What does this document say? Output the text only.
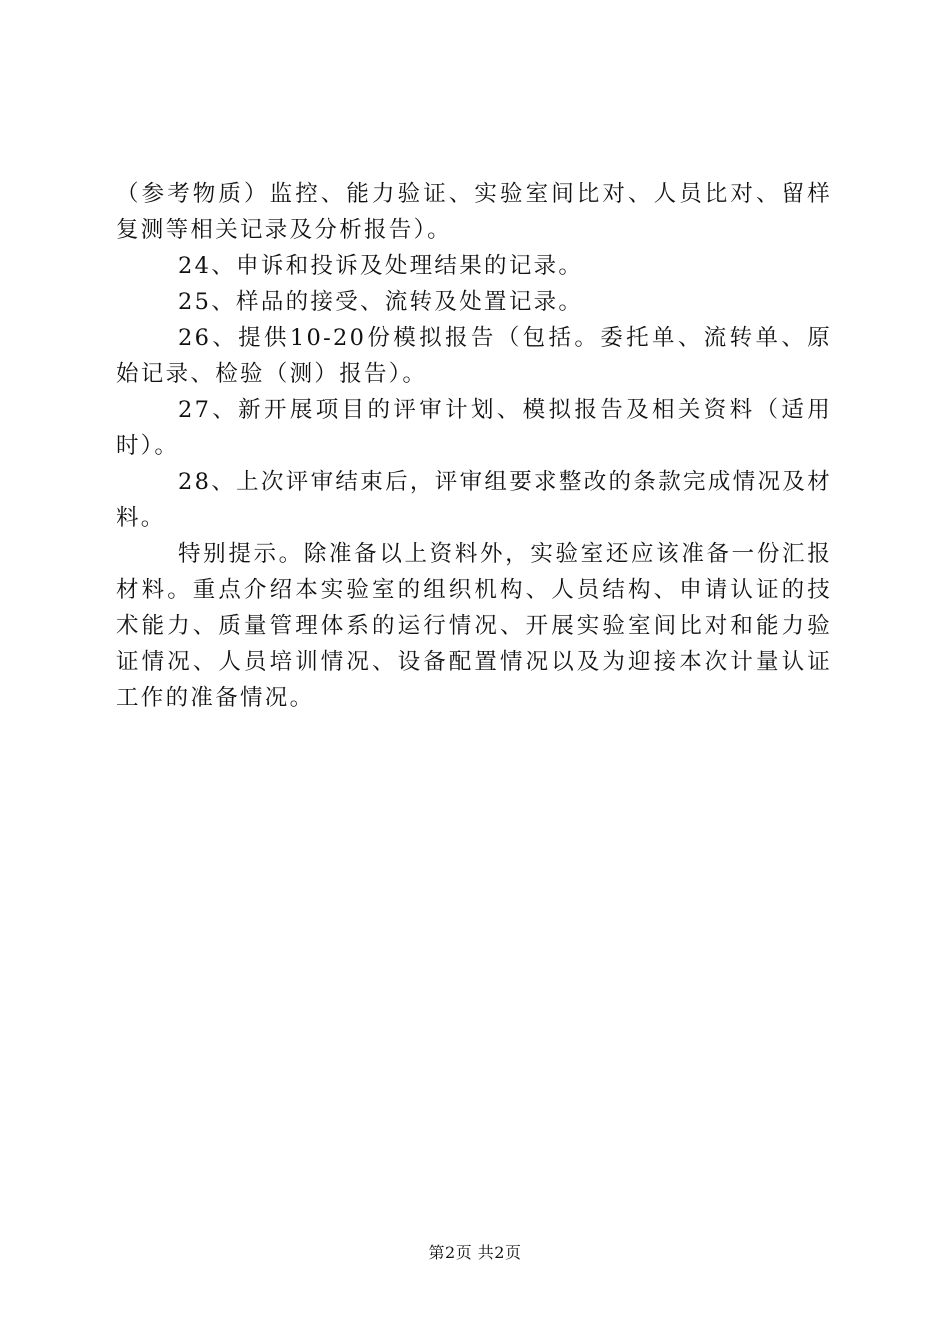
（参考物质）监控、能力验证、实验室间比对、人员比对、留样复测等相关记录及分析报告）。

24、申诉和投诉及处理结果的记录。

25、样品的接受、流转及处置记录。

26、提供10-20份模拟报告（包括。委托单、流转单、原始记录、检验（测）报告）。

27、新开展项目的评审计划、模拟报告及相关资料（适用时）。

28、上次评审结束后，评审组要求整改的条款完成情况及材料。

特别提示。除准备以上资料外，实验室还应该准备一份汇报材料。重点介绍本实验室的组织机构、人员结构、申请认证的技术能力、质量管理体系的运行情况、开展实验室间比对和能力验证情况、人员培训情况、设备配置情况以及为迎接本次计量认证工作的准备情况。

第2页 共2页
